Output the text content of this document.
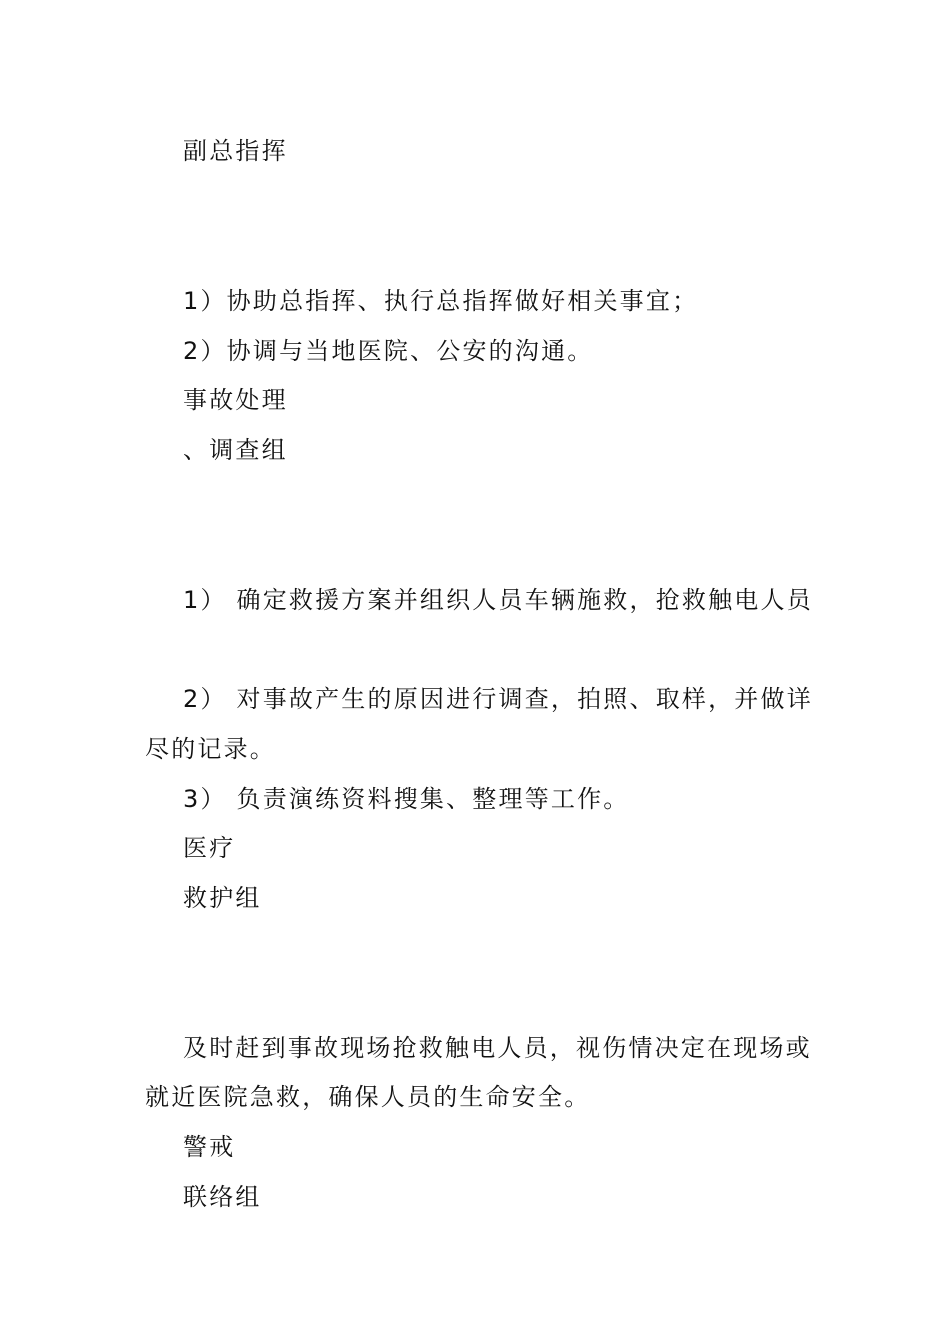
副总指挥
1）协助总指挥、执行总指挥做好相关事宜；
2）协调与当地医院、公安的沟通。
事故处理
、调查组
1） 确定救援方案并组织人员车辆施救，抢救触电人员
2） 对事故产生的原因进行调查，拍照、取样，并做详
尽的记录。
3） 负责演练资料搜集、整理等工作。
医疗
救护组
及时赶到事故现场抢救触电人员，视伤情决定在现场或
就近医院急救，确保人员的生命安全。
警戒
联络组
